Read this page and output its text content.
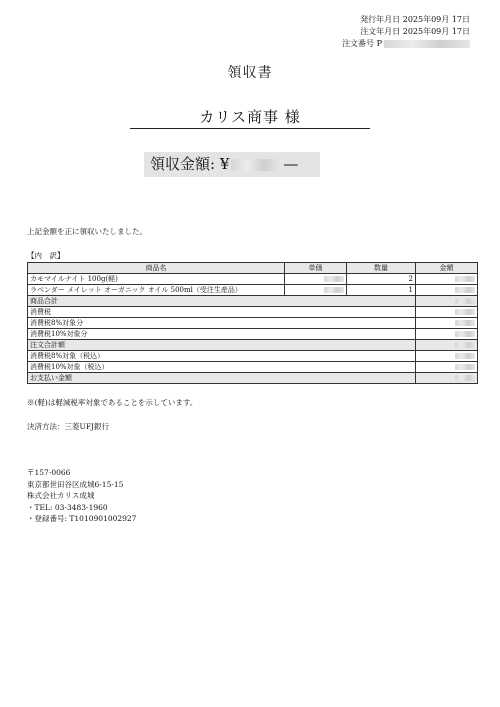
発行年月日 2025年09月 17日
注文年月日 2025年09月 17日
注文番号 P
領収書
カリス商事 様
領収金額: ¥	—
上記金額を正に領収いたしました。
【内　訳】
商品名	単価	数量	金額
カモマイルナイト 100g(軽)		2	
ラベンダー メイレット オーガニック オイル 500ml（受注生産品）		1	
商品合計			
消費税			
消費税8%対象分			
消費税10%対象分			
注文合計額			
消費税8%対象（税込）			
消費税10%対象（税込）			
お支払い金額			
※(軽)は軽減税率対象であることを示しています。
決済方法：三菱UFJ銀行
〒157-0066
東京都世田谷区成城6-15-15
株式会社カリス成城
・TEL: 03-3483-1960
・登録番号: T1010901002927
